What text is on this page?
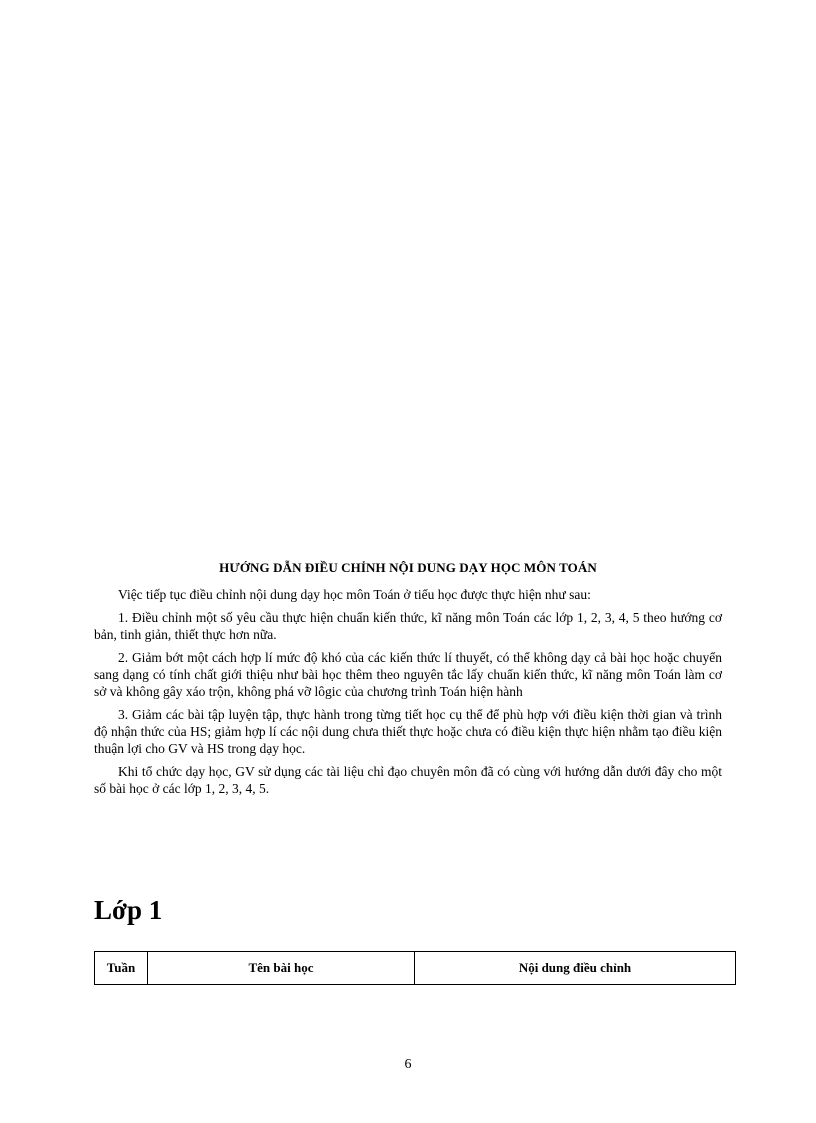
HƯỚNG DẪN ĐIỀU CHỈNH NỘI DUNG DẠY HỌC MÔN TOÁN

Việc tiếp tục điều chỉnh nội dung dạy học môn Toán ở tiểu học được thực hiện như sau:

1. Điều chỉnh một số yêu cầu thực hiện chuẩn kiến thức, kĩ năng môn Toán các lớp 1, 2, 3, 4, 5 theo hướng cơ bản, tinh giản, thiết thực hơn nữa.

2. Giảm bớt một cách hợp lí mức độ khó của các kiến thức lí thuyết, có thể không dạy cả bài học hoặc chuyển sang dạng có tính chất giới thiệu như bài học thêm theo nguyên tắc lấy chuẩn kiến thức, kĩ năng môn Toán làm cơ sở và không gây xáo trộn, không phá vỡ lôgic của chương trình Toán hiện hành

3. Giảm các bài tập luyện tập, thực hành trong từng tiết học cụ thể để phù hợp với điều kiện thời gian và trình độ nhận thức của HS; giảm hợp lí các nội dung chưa thiết thực hoặc chưa có điều kiện thực hiện nhằm tạo điều kiện thuận lợi cho GV và HS trong dạy học.

Khi tổ chức dạy học, GV sử dụng các tài liệu chỉ đạo chuyên môn đã có cùng với hướng dẫn dưới đây cho một số bài học ở các lớp 1, 2, 3, 4, 5.

Lớp 1
Tuần	Tên bài học	Nội dung điều chỉnh
6
